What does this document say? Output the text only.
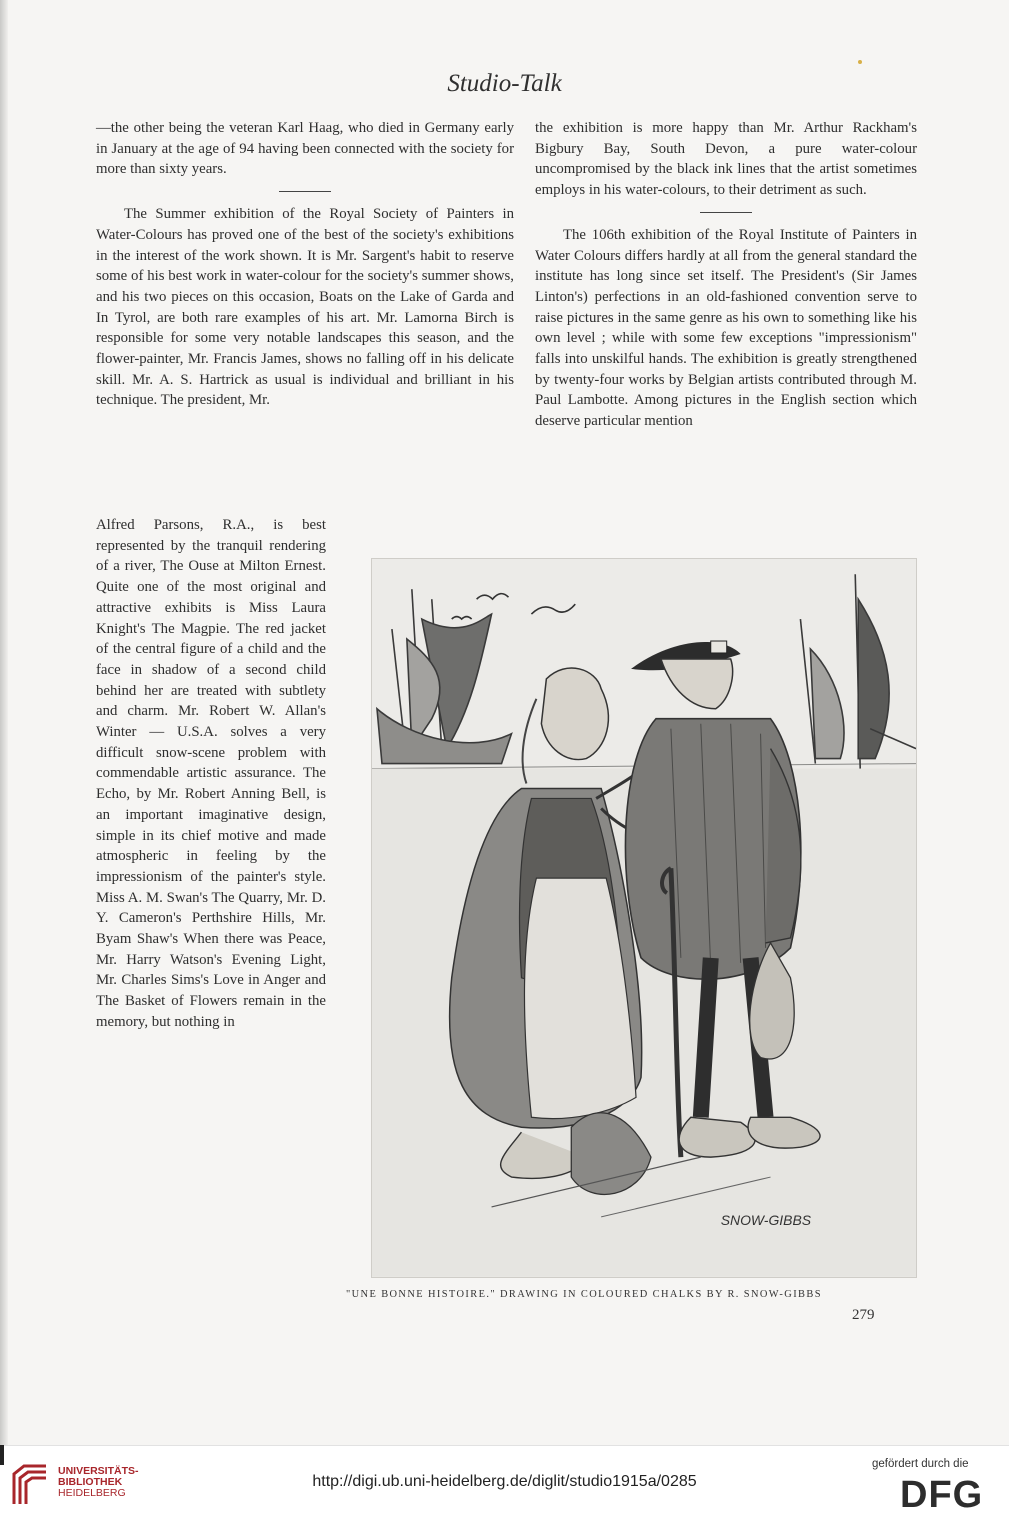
Studio-Talk

—the other being the veteran Karl Haag, who died in Germany early in January at the age of 94 having been connected with the society for more than sixty years.

The Summer exhibition of the Royal Society of Painters in Water-Colours has proved one of the best of the society's exhibitions in the interest of the work shown. It is Mr. Sargent's habit to reserve some of his best work in water-colour for the society's summer shows, and his two pieces on this occasion, Boats on the Lake of Garda and In Tyrol, are both rare examples of his art. Mr. Lamorna Birch is responsible for some very notable landscapes this season, and the flower-painter, Mr. Francis James, shows no falling off in his delicate skill. Mr. A. S. Hartrick as usual is individual and brilliant in his technique. The president, Mr.

Alfred Parsons, R.A., is best represented by the tranquil rendering of a river, The Ouse at Milton Ernest. Quite one of the most original and attractive exhibits is Miss Laura Knight's The Magpie. The red jacket of the central figure of a child and the face in shadow of a second child behind her are treated with subtlety and charm. Mr. Robert W. Allan's Winter — U.S.A. solves a very difficult snow-scene problem with commendable artistic assurance. The Echo, by Mr. Robert Anning Bell, is an important imaginative design, simple in its chief motive and made atmospheric in feeling by the impressionism of the painter's style. Miss A. M. Swan's The Quarry, Mr. D. Y. Cameron's Perthshire Hills, Mr. Byam Shaw's When there was Peace, Mr. Harry Watson's Evening Light, Mr. Charles Sims's Love in Anger and The Basket of Flowers remain in the memory, but nothing in

the exhibition is more happy than Mr. Arthur Rackham's Bigbury Bay, South Devon, a pure water-colour uncompromised by the black ink lines that the artist sometimes employs in his water-colours, to their detriment as such.

The 106th exhibition of the Royal Institute of Painters in Water Colours differs hardly at all from the general standard the institute has long since set itself. The President's (Sir James Linton's) perfections in an old-fashioned convention serve to raise pictures in the same genre as his own to something like his own level ; while with some few exceptions "impressionism" falls into unskilful hands. The exhibition is greatly strengthened by twenty-four works by Belgian artists contributed through M. Paul Lambotte. Among pictures in the English section which deserve particular mention

SNOW-GIBBS
"UNE BONNE HISTOIRE." DRAWING IN COLOURED CHALKS BY R. SNOW-GIBBS
279
UNIVERSITÄTS-
BIBLIOTHEK
HEIDELBERG
http://digi.ub.uni-heidelberg.de/diglit/studio1915a/0285
gefördert durch die
DFG
